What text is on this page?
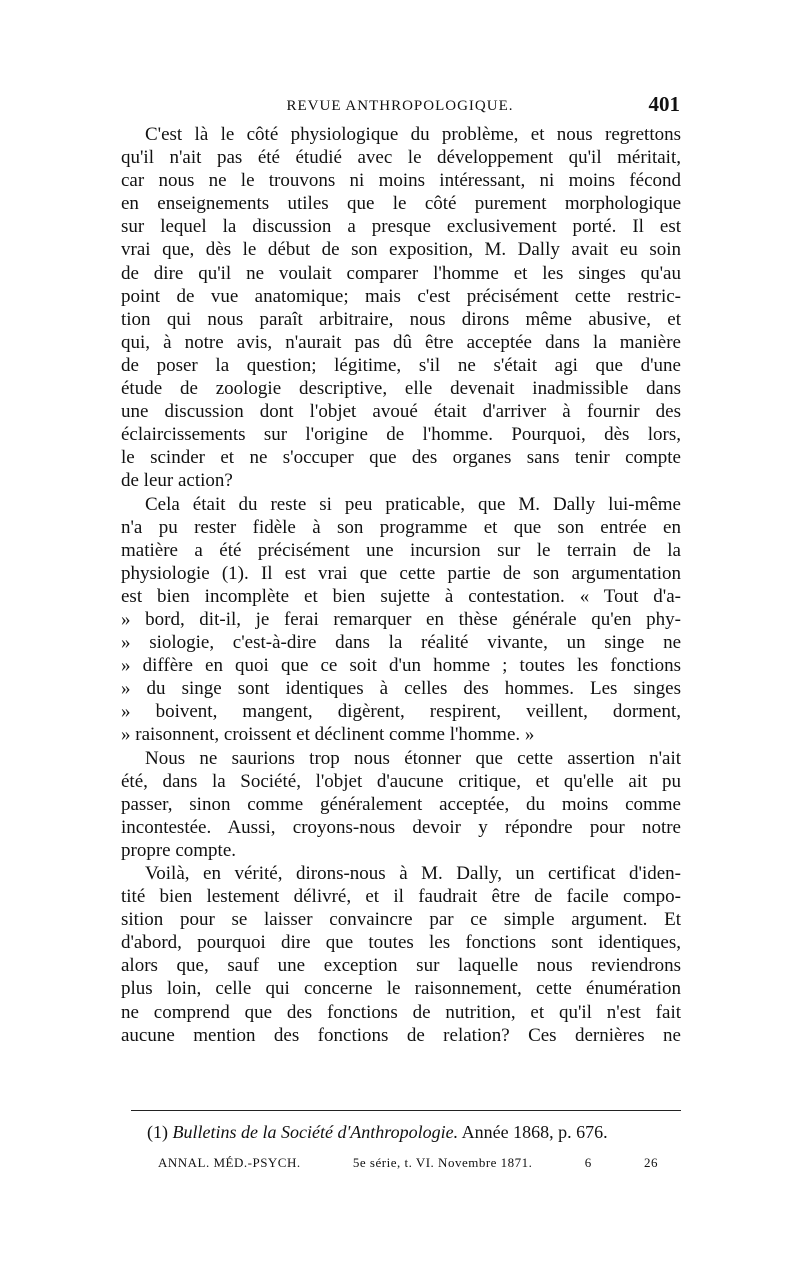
REVUE ANTHROPOLOGIQUE.	401
C'est là le côté physiologique du problème, et nous regrettons
qu'il n'ait pas été étudié avec le développement qu'il méritait,
car nous ne le trouvons ni moins intéressant, ni moins fécond
en enseignements utiles que le côté purement morphologique
sur lequel la discussion a presque exclusivement porté. Il est
vrai que, dès le début de son exposition, M. Dally avait eu soin
de dire qu'il ne voulait comparer l'homme et les singes qu'au
point de vue anatomique; mais c'est précisément cette restric-
tion qui nous paraît arbitraire, nous dirons même abusive, et
qui, à notre avis, n'aurait pas dû être acceptée dans la manière
de poser la question; légitime, s'il ne s'était agi que d'une
étude de zoologie descriptive, elle devenait inadmissible dans
une discussion dont l'objet avoué était d'arriver à fournir des
éclaircissements sur l'origine de l'homme. Pourquoi, dès lors,
le scinder et ne s'occuper que des organes sans tenir compte
de leur action?
Cela était du reste si peu praticable, que M. Dally lui-même
n'a pu rester fidèle à son programme et que son entrée en
matière a été précisément une incursion sur le terrain de la
physiologie (1). Il est vrai que cette partie de son argumentation
est bien incomplète et bien sujette à contestation. « Tout d'a-
» bord, dit-il, je ferai remarquer en thèse générale qu'en phy-
» siologie, c'est-à-dire dans la réalité vivante, un singe ne
» diffère en quoi que ce soit d'un homme ; toutes les fonctions
» du singe sont identiques à celles des hommes. Les singes
» boivent, mangent, digèrent, respirent, veillent, dorment,
» raisonnent, croissent et déclinent comme l'homme. »
Nous ne saurions trop nous étonner que cette assertion n'ait
été, dans la Société, l'objet d'aucune critique, et qu'elle ait pu
passer, sinon comme généralement acceptée, du moins comme
incontestée. Aussi, croyons-nous devoir y répondre pour notre
propre compte.
Voilà, en vérité, dirons-nous à M. Dally, un certificat d'iden-
tité bien lestement délivré, et il faudrait être de facile compo-
sition pour se laisser convaincre par ce simple argument. Et
d'abord, pourquoi dire que toutes les fonctions sont identiques,
alors que, sauf une exception sur laquelle nous reviendrons
plus loin, celle qui concerne le raisonnement, cette énumération
ne comprend que des fonctions de nutrition, et qu'il n'est fait
aucune mention des fonctions de relation? Ces dernières ne
(1) Bulletins de la Société d'Anthropologie. Année 1868, p. 676.
ANNAL. MÉD.-PSYCH.	5e série, t. VI. Novembre 1871.	6	26
